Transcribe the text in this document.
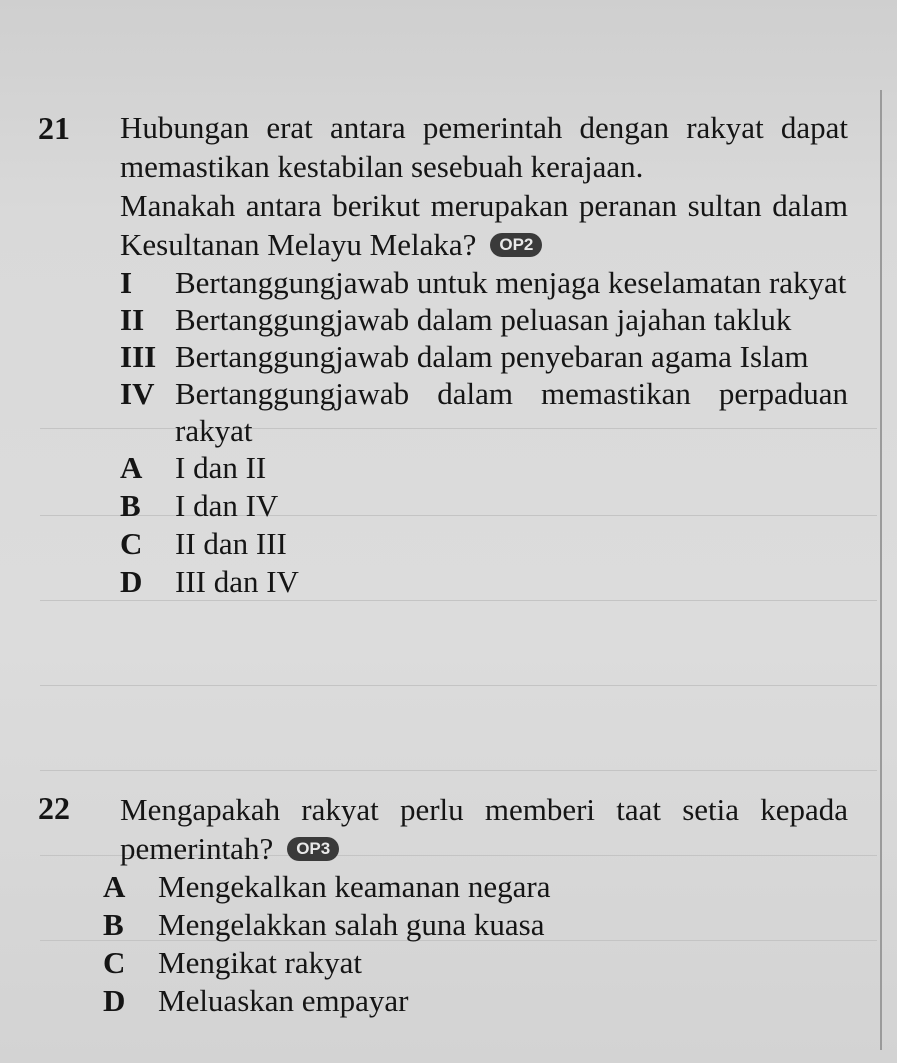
21 Hubungan erat antara pemerintah dengan rakyat dapat memastikan kestabilan sesebuah kerajaan.
Manakah antara berikut merupakan peranan sultan dalam Kesultanan Melayu Melaka? OP2
I Bertanggungjawab untuk menjaga keselamatan rakyat
II Bertanggungjawab dalam peluasan jajahan takluk
III Bertanggungjawab dalam penyebaran agama Islam
IV Bertanggungjawab dalam memastikan perpaduan rakyat
A I dan II
B I dan IV
C II dan III
D III dan IV
22 Mengapakah rakyat perlu memberi taat setia kepada pemerintah? OP3
A Mengekalkan keamanan negara
B Mengelakkan salah guna kuasa
C Mengikat rakyat
D Meluaskan empayar
